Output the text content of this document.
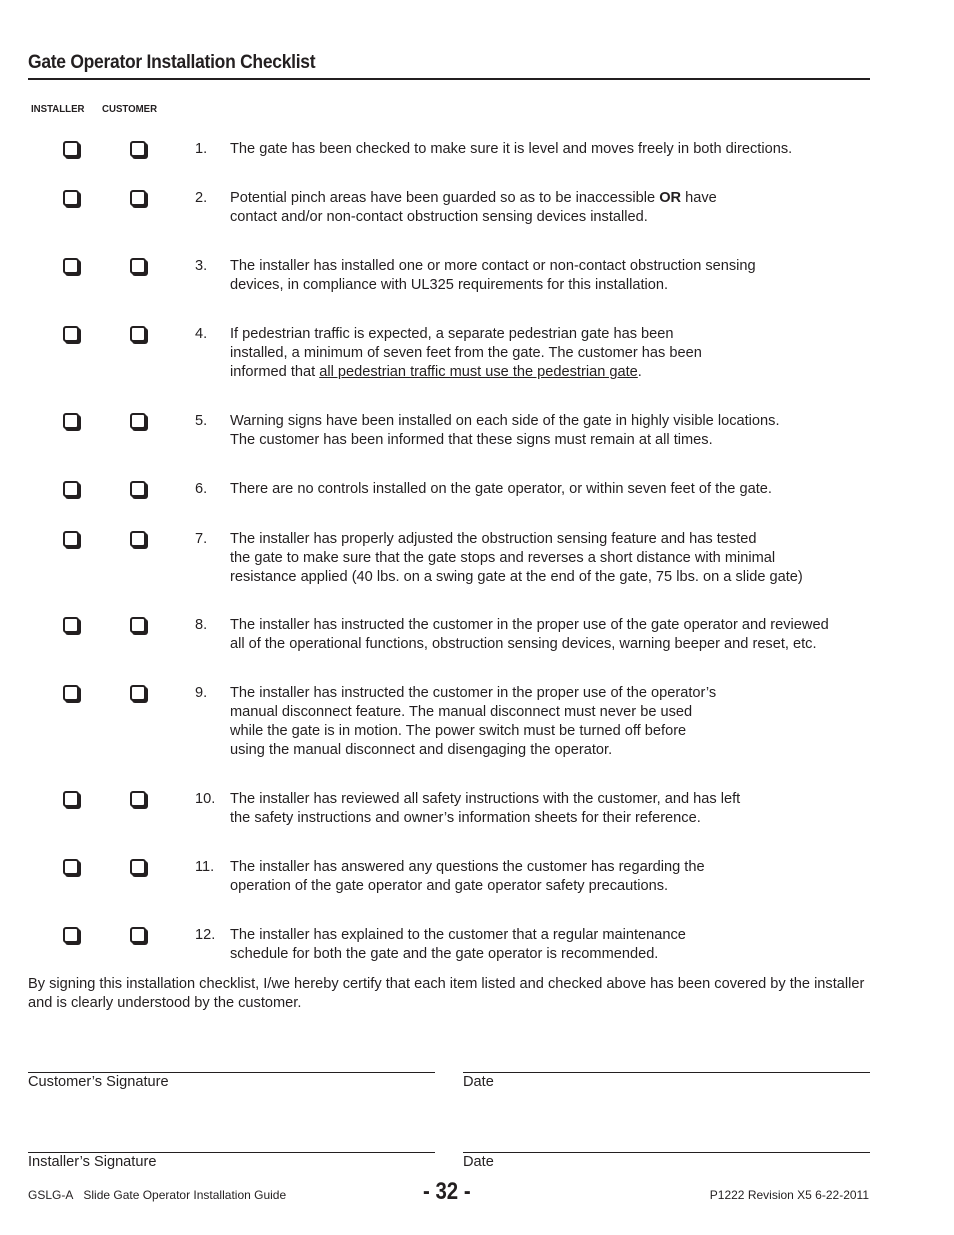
Gate Operator Installation Checklist
INSTALLER CUSTOMER
1.	The gate has been checked to make sure it is level and moves freely in both directions.
2.	Potential pinch areas have been guarded so as to be inaccessible OR have
contact and/or non-contact obstruction sensing devices installed.
3.	The installer has installed one or more contact or non-contact obstruction sensing
devices, in compliance with UL325 requirements for this installation.
4.	If pedestrian traffic is expected, a separate pedestrian gate has been
installed, a minimum of seven feet from the gate. The customer has been
informed that all pedestrian traffic must use the pedestrian gate.
5.	Warning signs have been installed on each side of the gate in highly visible locations.
The customer has been informed that these signs must remain at all times.
6.	There are no controls installed on the gate operator, or within seven feet of the gate.
7.	The installer has properly adjusted the obstruction sensing feature and has tested
the gate to make sure that the gate stops and reverses a short distance with minimal
resistance applied (40 lbs. on a swing gate at the end of the gate, 75 lbs. on a slide gate)
8.	The installer has instructed the customer in the proper use of the gate operator and reviewed
all of the operational functions, obstruction sensing devices, warning beeper and reset, etc.
9.	The installer has instructed the customer in the proper use of the operator’s
manual disconnect feature. The manual disconnect must never be used
while the gate is in motion. The power switch must be turned off before
using the manual disconnect and disengaging the operator.
10.	The installer has reviewed all safety instructions with the customer, and has left
the safety instructions and owner’s information sheets for their reference.
11.	The installer has answered any questions the customer has regarding the
operation of the gate operator and gate operator safety precautions.
12.	The installer has explained to the customer that a regular maintenance
schedule for both the gate and the gate operator is recommended.
By signing this installation checklist, I/we hereby certify that each item listed and checked above has been covered by the installer and is clearly understood by the customer.
Customer’s Signature	Date
Installer’s Signature	Date
GSLG-A Slide Gate Operator Installation Guide	- 32 -	P1222 Revision X5 6-22-2011
